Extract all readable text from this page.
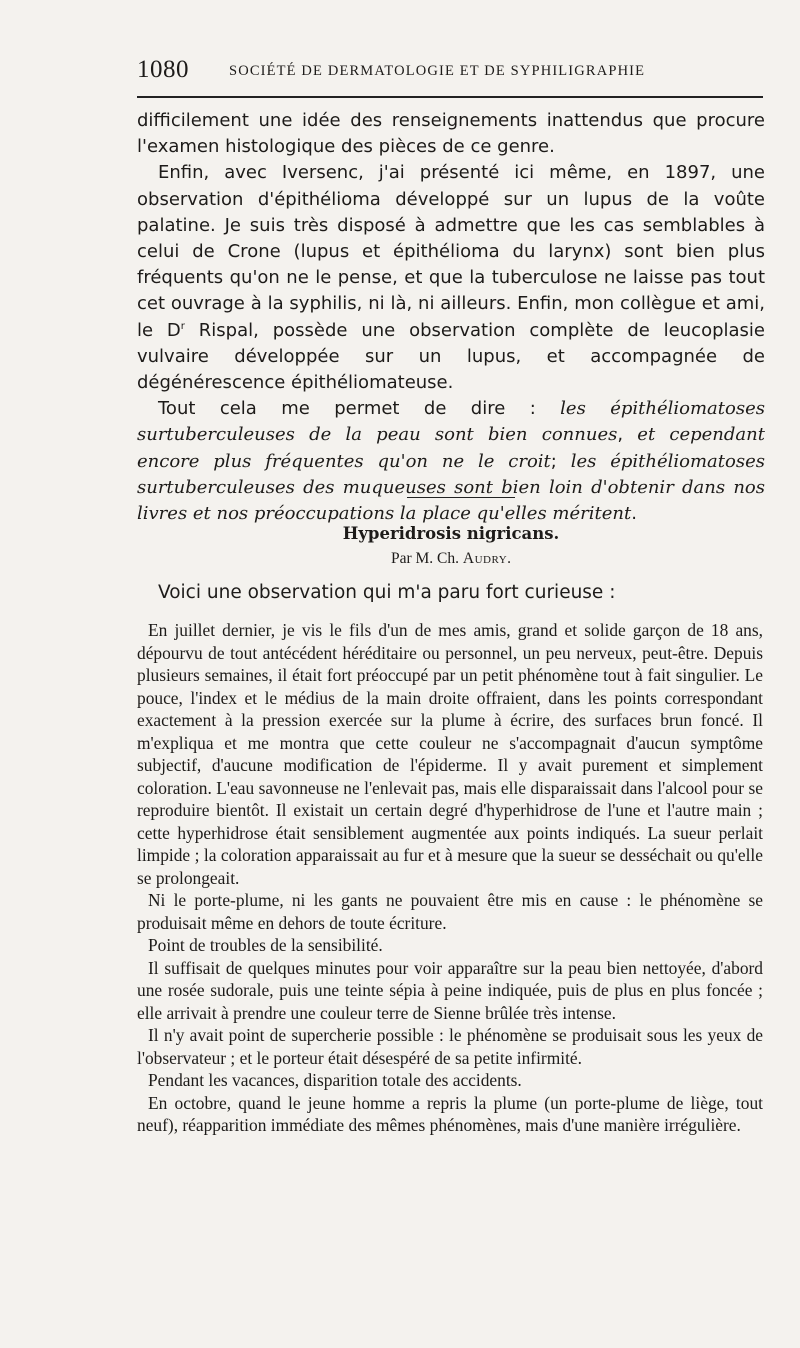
1080	SOCIÉTÉ DE DERMATOLOGIE ET DE SYPHILIGRAPHIE

difficilement une idée des renseignements inattendus que procure l'examen histologique des pièces de ce genre.

Enfin, avec Iversenc, j'ai présenté ici même, en 1897, une observation d'épithélioma développé sur un lupus de la voûte palatine. Je suis très disposé à admettre que les cas semblables à celui de Crone (lupus et épithélioma du larynx) sont bien plus fréquents qu'on ne le pense, et que la tuberculose ne laisse pas tout cet ouvrage à la syphilis, ni là, ni ailleurs. Enfin, mon collègue et ami, le $D^r$ Rispal, possède une observation complète de leucoplasie vulvaire développée sur un lupus, et accompagnée de dégénérescence épithéliomateuse.

Tout cela me permet de dire : les épithéliomatoses surtuberculeuses de la peau sont bien connues, et cependant encore plus fréquentes qu'on ne le croit; les épithéliomatoses surtuberculeuses des muqueuses sont bien loin d'obtenir dans nos livres et nos préoccupations la place qu'elles méritent.

Hyperidrosis nigricans.
Par M. Ch. Audry.
Voici une observation qui m'a paru fort curieuse :

En juillet dernier, je vis le fils d'un de mes amis, grand et solide garçon de 18 ans, dépourvu de tout antécédent héréditaire ou personnel, un peu nerveux, peut-être. Depuis plusieurs semaines, il était fort préoccupé par un petit phénomène tout à fait singulier. Le pouce, l'index et le médius de la main droite offraient, dans les points correspondant exactement à la pression exercée sur la plume à écrire, des surfaces brun foncé. Il m'expliqua et me montra que cette couleur ne s'accompagnait d'aucun symptôme subjectif, d'aucune modification de l'épiderme. Il y avait purement et simplement coloration. L'eau savonneuse ne l'enlevait pas, mais elle disparaissait dans l'alcool pour se reproduire bientôt. Il existait un certain degré d'hyperhidrose de l'une et l'autre main ; cette hyperhidrose était sensiblement augmentée aux points indiqués. La sueur perlait limpide ; la coloration apparaissait au fur et à mesure que la sueur se desséchait ou qu'elle se prolongeait.

Ni le porte-plume, ni les gants ne pouvaient être mis en cause : le phénomène se produisait même en dehors de toute écriture.

Point de troubles de la sensibilité.

Il suffisait de quelques minutes pour voir apparaître sur la peau bien nettoyée, d'abord une rosée sudorale, puis une teinte sépia à peine indiquée, puis de plus en plus foncée ; elle arrivait à prendre une couleur terre de Sienne brûlée très intense.

Il n'y avait point de supercherie possible : le phénomène se produisait sous les yeux de l'observateur ; et le porteur était désespéré de sa petite infirmité.

Pendant les vacances, disparition totale des accidents.

En octobre, quand le jeune homme a repris la plume (un porte-plume de liège, tout neuf), réapparition immédiate des mêmes phénomènes, mais d'une manière irrégulière.
